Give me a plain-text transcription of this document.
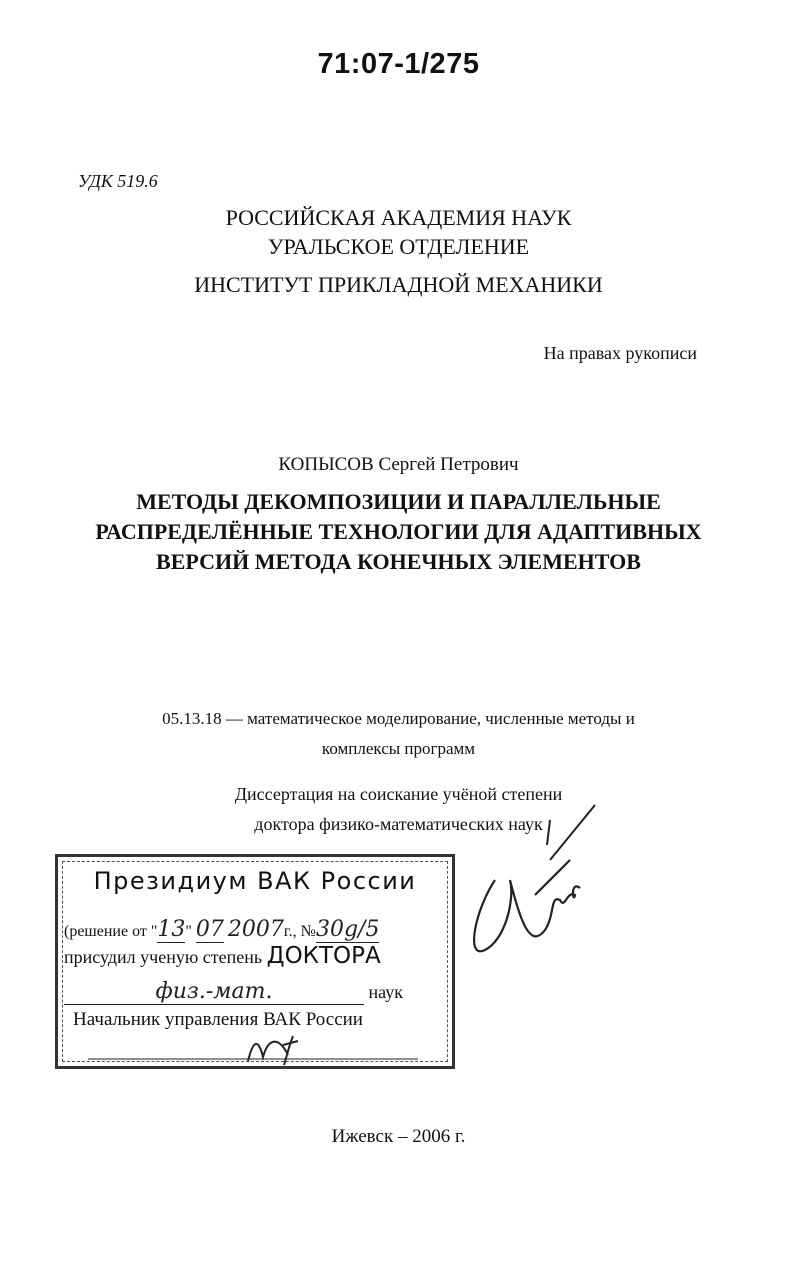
71:07-1/275
УДК 519.6
РОССИЙСКАЯ АКАДЕМИЯ НАУК
УРАЛЬСКОЕ ОТДЕЛЕНИЕ
ИНСТИТУТ ПРИКЛАДНОЙ МЕХАНИКИ
На правах рукописи
КОПЫСОВ Сергей Петрович
МЕТОДЫ ДЕКОМПОЗИЦИИ И ПАРАЛЛЕЛЬНЫЕ
РАСПРЕДЕЛЁННЫЕ ТЕХНОЛОГИИ ДЛЯ АДАПТИВНЫХ
ВЕРСИЙ МЕТОДА КОНЕЧНЫХ ЭЛЕМЕНТОВ
05.13.18 — математическое моделирование, численные методы и
комплексы программ
Диссертация на соискание учёной степени
доктора физико-математических наук
Президиум ВАК России
(решение от "13" 07 2007г., №30g/5
присудил ученую степень ДОКТОРА
физ.-мат.	наук
Начальник управления ВАК России
Ижевск – 2006 г.
